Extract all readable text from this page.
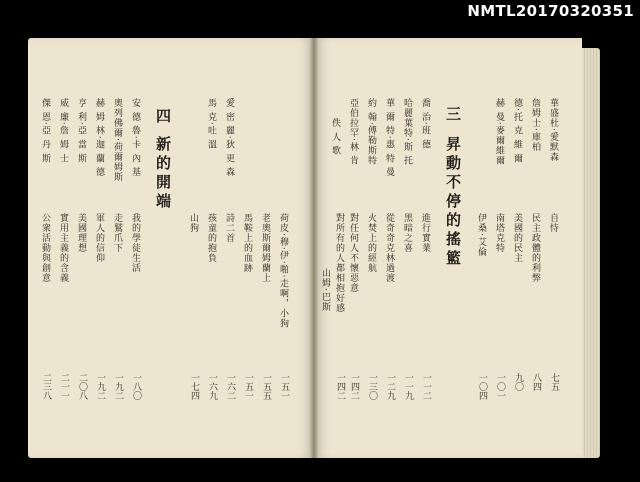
NMTL20170320351
華盛杜‧愛默森
詹姆士‧庫柏
德‧托 克 維 爾
赫 曼‧麥爾維爾
自恃
民主政體的利弊
美國的民主
南塔克特
伊桑‧艾倫
七五
八四
九〇
一〇一
一〇四
三
昇動不停的搖籃
喬 治‧班 德
哈麗葉特‧斯 托
華 爾 特‧惠 特 曼
約 翰‧傅勒斯特
亞伯拉罕‧林 肯
佚 人 歌
進行實業
黑暗之喜
從奇奇克林過渡
火焚上的經航
對任何人不懷惡意
對所有的人都相抱好感
山姆‧巴斯
一一二
一一九
一二九
一三〇
一四二
一四二
荷皮‧穆‧伊‧啪‧走啊，小狗
老奧斯爾姆蘭上
馬鞍上的血跡
愛 密 麗‧狄 更 森
詩二首
馬 克‧吐 溫
孩童的抱負
山狗
一五一
一五五
一五一
一六二
一六九
一七四
四
新的開端
安 德 魯‧卡 內 基
奧列佛爾‧荷爾姆斯
赫 姆 林‧迦 蘭 德
亨 利‧亞 當 斯
威 廉‧詹 姆 士
傑 恩‧亞 丹 斯
我的學徒生活
走鷲爪下
軍人的信仰
美國理想
實用主義的含義
公衆活動與創意
一八〇
一九二
一九二
二〇八
二一一
二三八
